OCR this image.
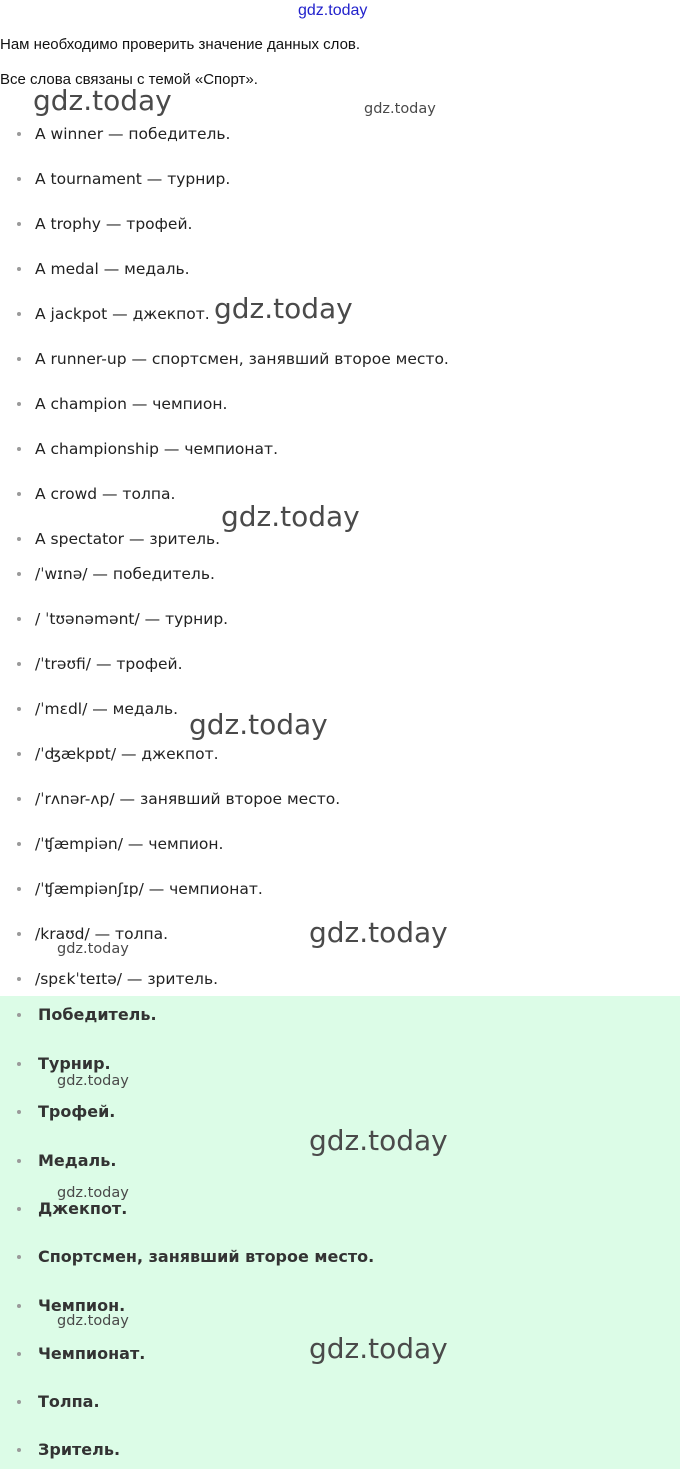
gdz.today

Нам необходимо проверить значение данных слов.

Все слова связаны с темой «Спорт».

A winner — победитель.
A tournament — турнир.
A trophy — трофей.
A medal — медаль.
A jackpot — джекпот.
A runner-up — спортсмен, занявший второе место.
A champion — чемпион.
A championship — чемпионат.
A crowd — толпа.
A spectator — зритель.
/ˈwɪnə/ — победитель.
/ ˈtʊənəmənt/ — турнир.
/ˈtrəʊfi/ — трофей.
/ˈmɛdl/ — медаль.
/ˈʤækpɒt/ — джекпот.
/ˈrʌnər-ʌp/ — занявший второе место.
/ˈʧæmpiən/ — чемпион.
/ˈʧæmpiənʃɪp/ — чемпионат.
/kraʊd/ — толпа.
/spɛkˈteɪtə/ — зритель.
Победитель.
Турнир.
Трофей.
Медаль.
Джекпот.
Спортсмен, занявший второе место.
Чемпион.
Чемпионат.
Толпа.
Зритель.
gdz.today	gdz.today
gdz.today
gdz.today
gdz.today
gdz.today
gdz.today
gdz.today
gdz.today
gdz.today
gdz.today
gdz.today
